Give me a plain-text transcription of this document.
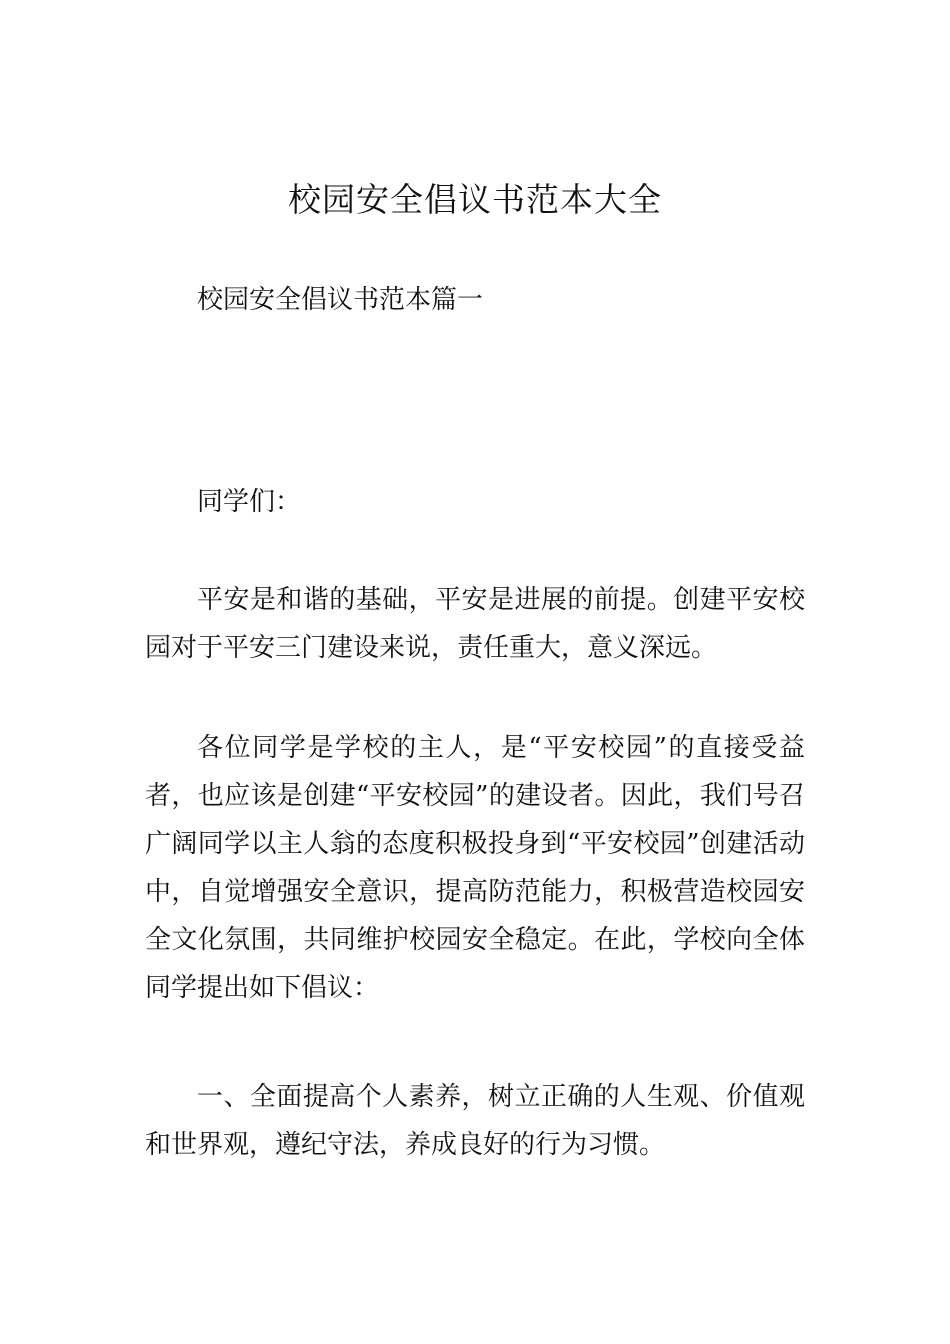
校园安全倡议书范本大全

校园安全倡议书范本篇一

同学们：

平安是和谐的基础，平安是进展的前提。创建平安校园对于平安三门建设来说，责任重大，意义深远。

各位同学是学校的主人，是“平安校园”的直接受益者，也应该是创建“平安校园”的建设者。因此，我们号召广阔同学以主人翁的态度积极投身到“平安校园”创建活动中，自觉增强安全意识，提高防范能力，积极营造校园安全文化氛围，共同维护校园安全稳定。在此，学校向全体同学提出如下倡议：

一、全面提高个人素养，树立正确的人生观、价值观和世界观，遵纪守法，养成良好的行为习惯。
